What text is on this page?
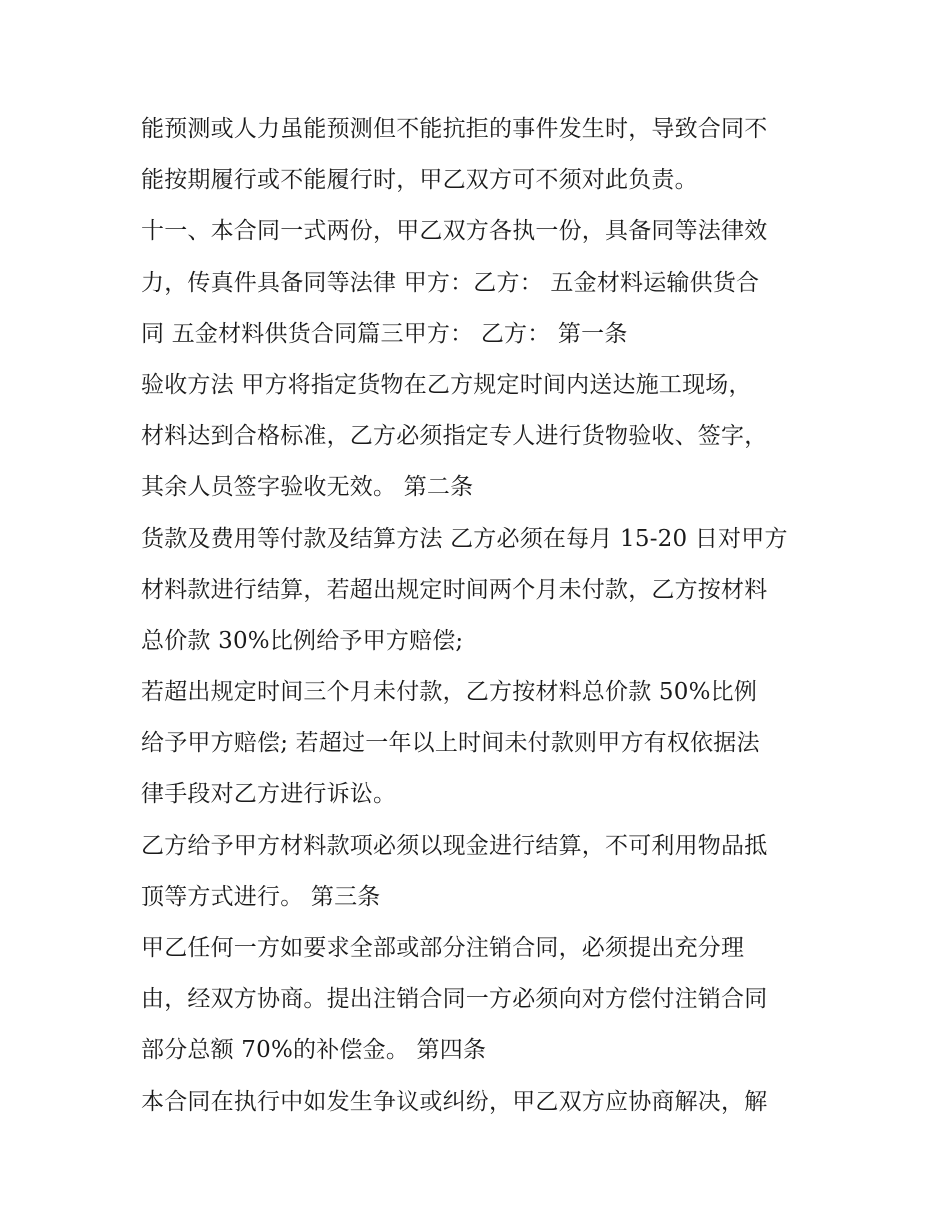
能预测或人力虽能预测但不能抗拒的事件发生时，导致合同不
能按期履行或不能履行时，甲乙双方可不须对此负责。
十一、本合同一式两份，甲乙双方各执一份，具备同等法律效
力，传真件具备同等法律 甲方：乙方： 五金材料运输供货合
同 五金材料供货合同篇三甲方： 乙方： 第一条
验收方法 甲方将指定货物在乙方规定时间内送达施工现场，
材料达到合格标准，乙方必须指定专人进行货物验收、签字，
其余人员签字验收无效。 第二条
货款及费用等付款及结算方法 乙方必须在每月 15-20 日对甲方
材料款进行结算，若超出规定时间两个月未付款，乙方按材料
总价款 30%比例给予甲方赔偿;
若超出规定时间三个月未付款，乙方按材料总价款 50%比例
给予甲方赔偿; 若超过一年以上时间未付款则甲方有权依据法
律手段对乙方进行诉讼。
乙方给予甲方材料款项必须以现金进行结算，不可利用物品抵
顶等方式进行。 第三条
甲乙任何一方如要求全部或部分注销合同，必须提出充分理
由，经双方协商。提出注销合同一方必须向对方偿付注销合同
部分总额 70%的补偿金。 第四条
本合同在执行中如发生争议或纠纷，甲乙双方应协商解决，解
